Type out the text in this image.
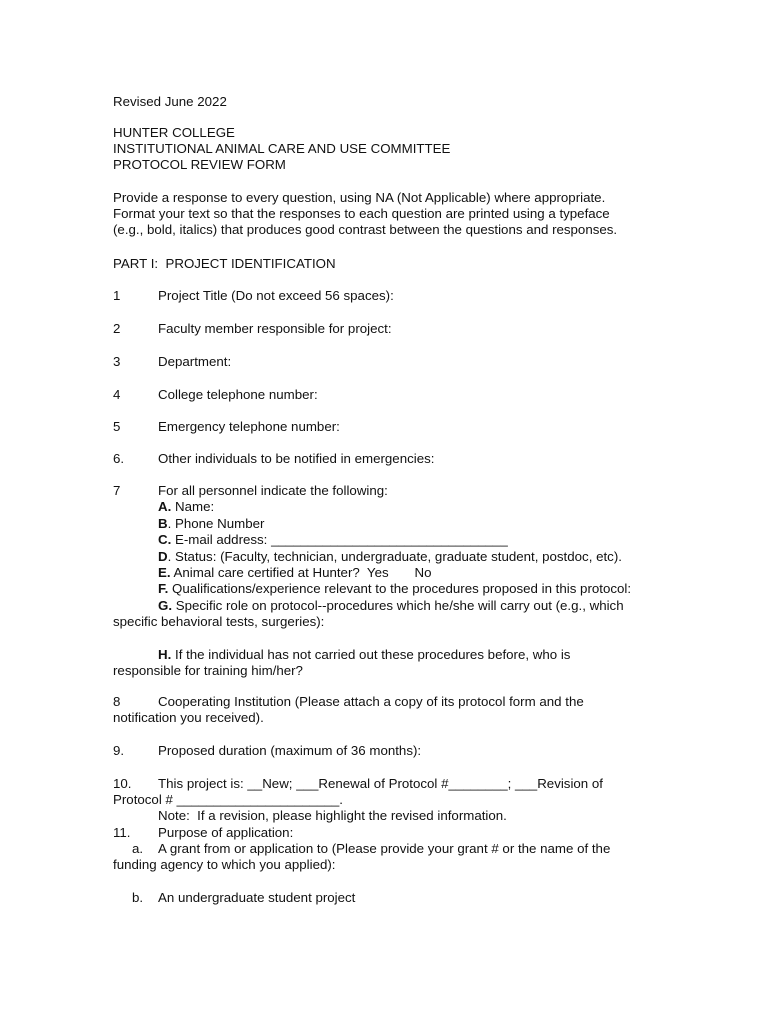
Revised June 2022
HUNTER COLLEGE
INSTITUTIONAL ANIMAL CARE AND USE COMMITTEE
PROTOCOL REVIEW FORM
Provide a response to every question, using NA (Not Applicable) where appropriate.
Format your text so that the responses to each question are printed using a typeface
(e.g., bold, italics) that produces good contrast between the questions and responses.
PART I:  PROJECT IDENTIFICATION
1	Project Title (Do not exceed 56 spaces):
2	Faculty member responsible for project:
3	Department:
4	College telephone number:
5	Emergency telephone number:
6.	Other individuals to be notified in emergencies:
7	For all personnel indicate the following:
A. Name:
B. Phone Number
C. E-mail address: ________________________________
D. Status: (Faculty, technician, undergraduate, graduate student, postdoc, etc).
E. Animal care certified at Hunter?  Yes       No
F. Qualifications/experience relevant to the procedures proposed in this protocol:
G. Specific role on protocol--procedures which he/she will carry out (e.g., which
specific behavioral tests, surgeries):
H. If the individual has not carried out these procedures before, who is
responsible for training him/her?
8	Cooperating Institution (Please attach a copy of its protocol form and the
notification you received).
9.	Proposed duration (maximum of 36 months):
10. This project is: __New; ___Renewal of Protocol #________; ___Revision of
Protocol # ______________________.
Note:  If a revision, please highlight the revised information.
11. Purpose of application:
a. A grant from or application to (Please provide your grant # or the name of the
funding agency to which you applied):
b. An undergraduate student project
